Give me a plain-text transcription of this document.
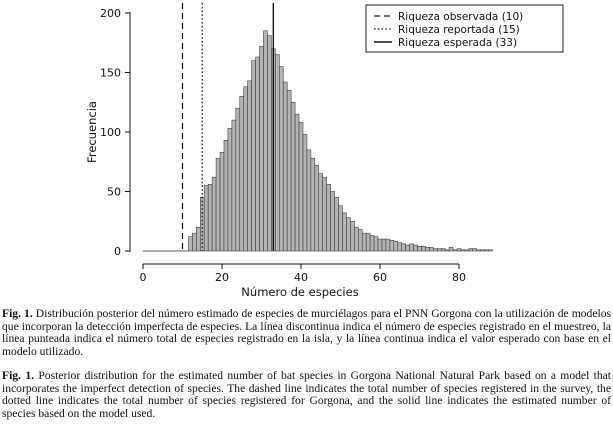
0
50
100
150
200
0	20	40	60	80
Frecuencia
Número de especies
Riqueza observada (10)
Riqueza reportada (15)
Riqueza esperada (33)
Fig. 1. Distribución posterior del número estimado de especies de murciélagos para el PNN Gorgona con la utilización de modelos que incorporan la detección imperfecta de especies. La línea discontinua indica el número de especies registrado en el muestreo, la línea punteada indica el número total de especies registrado en la isla, y la línea continua indica el valor esperado con base en el modelo utilizado.
Fig. 1. Posterior distribution for the estimated number of bat species in Gorgona National Natural Park based on a model that incorporates the imperfect detection of species. The dashed line indicates the total number of species registered in the survey, the dotted line indicates the total number of species registered for Gorgona, and the solid line indicates the estimated number of species based on the model used.
